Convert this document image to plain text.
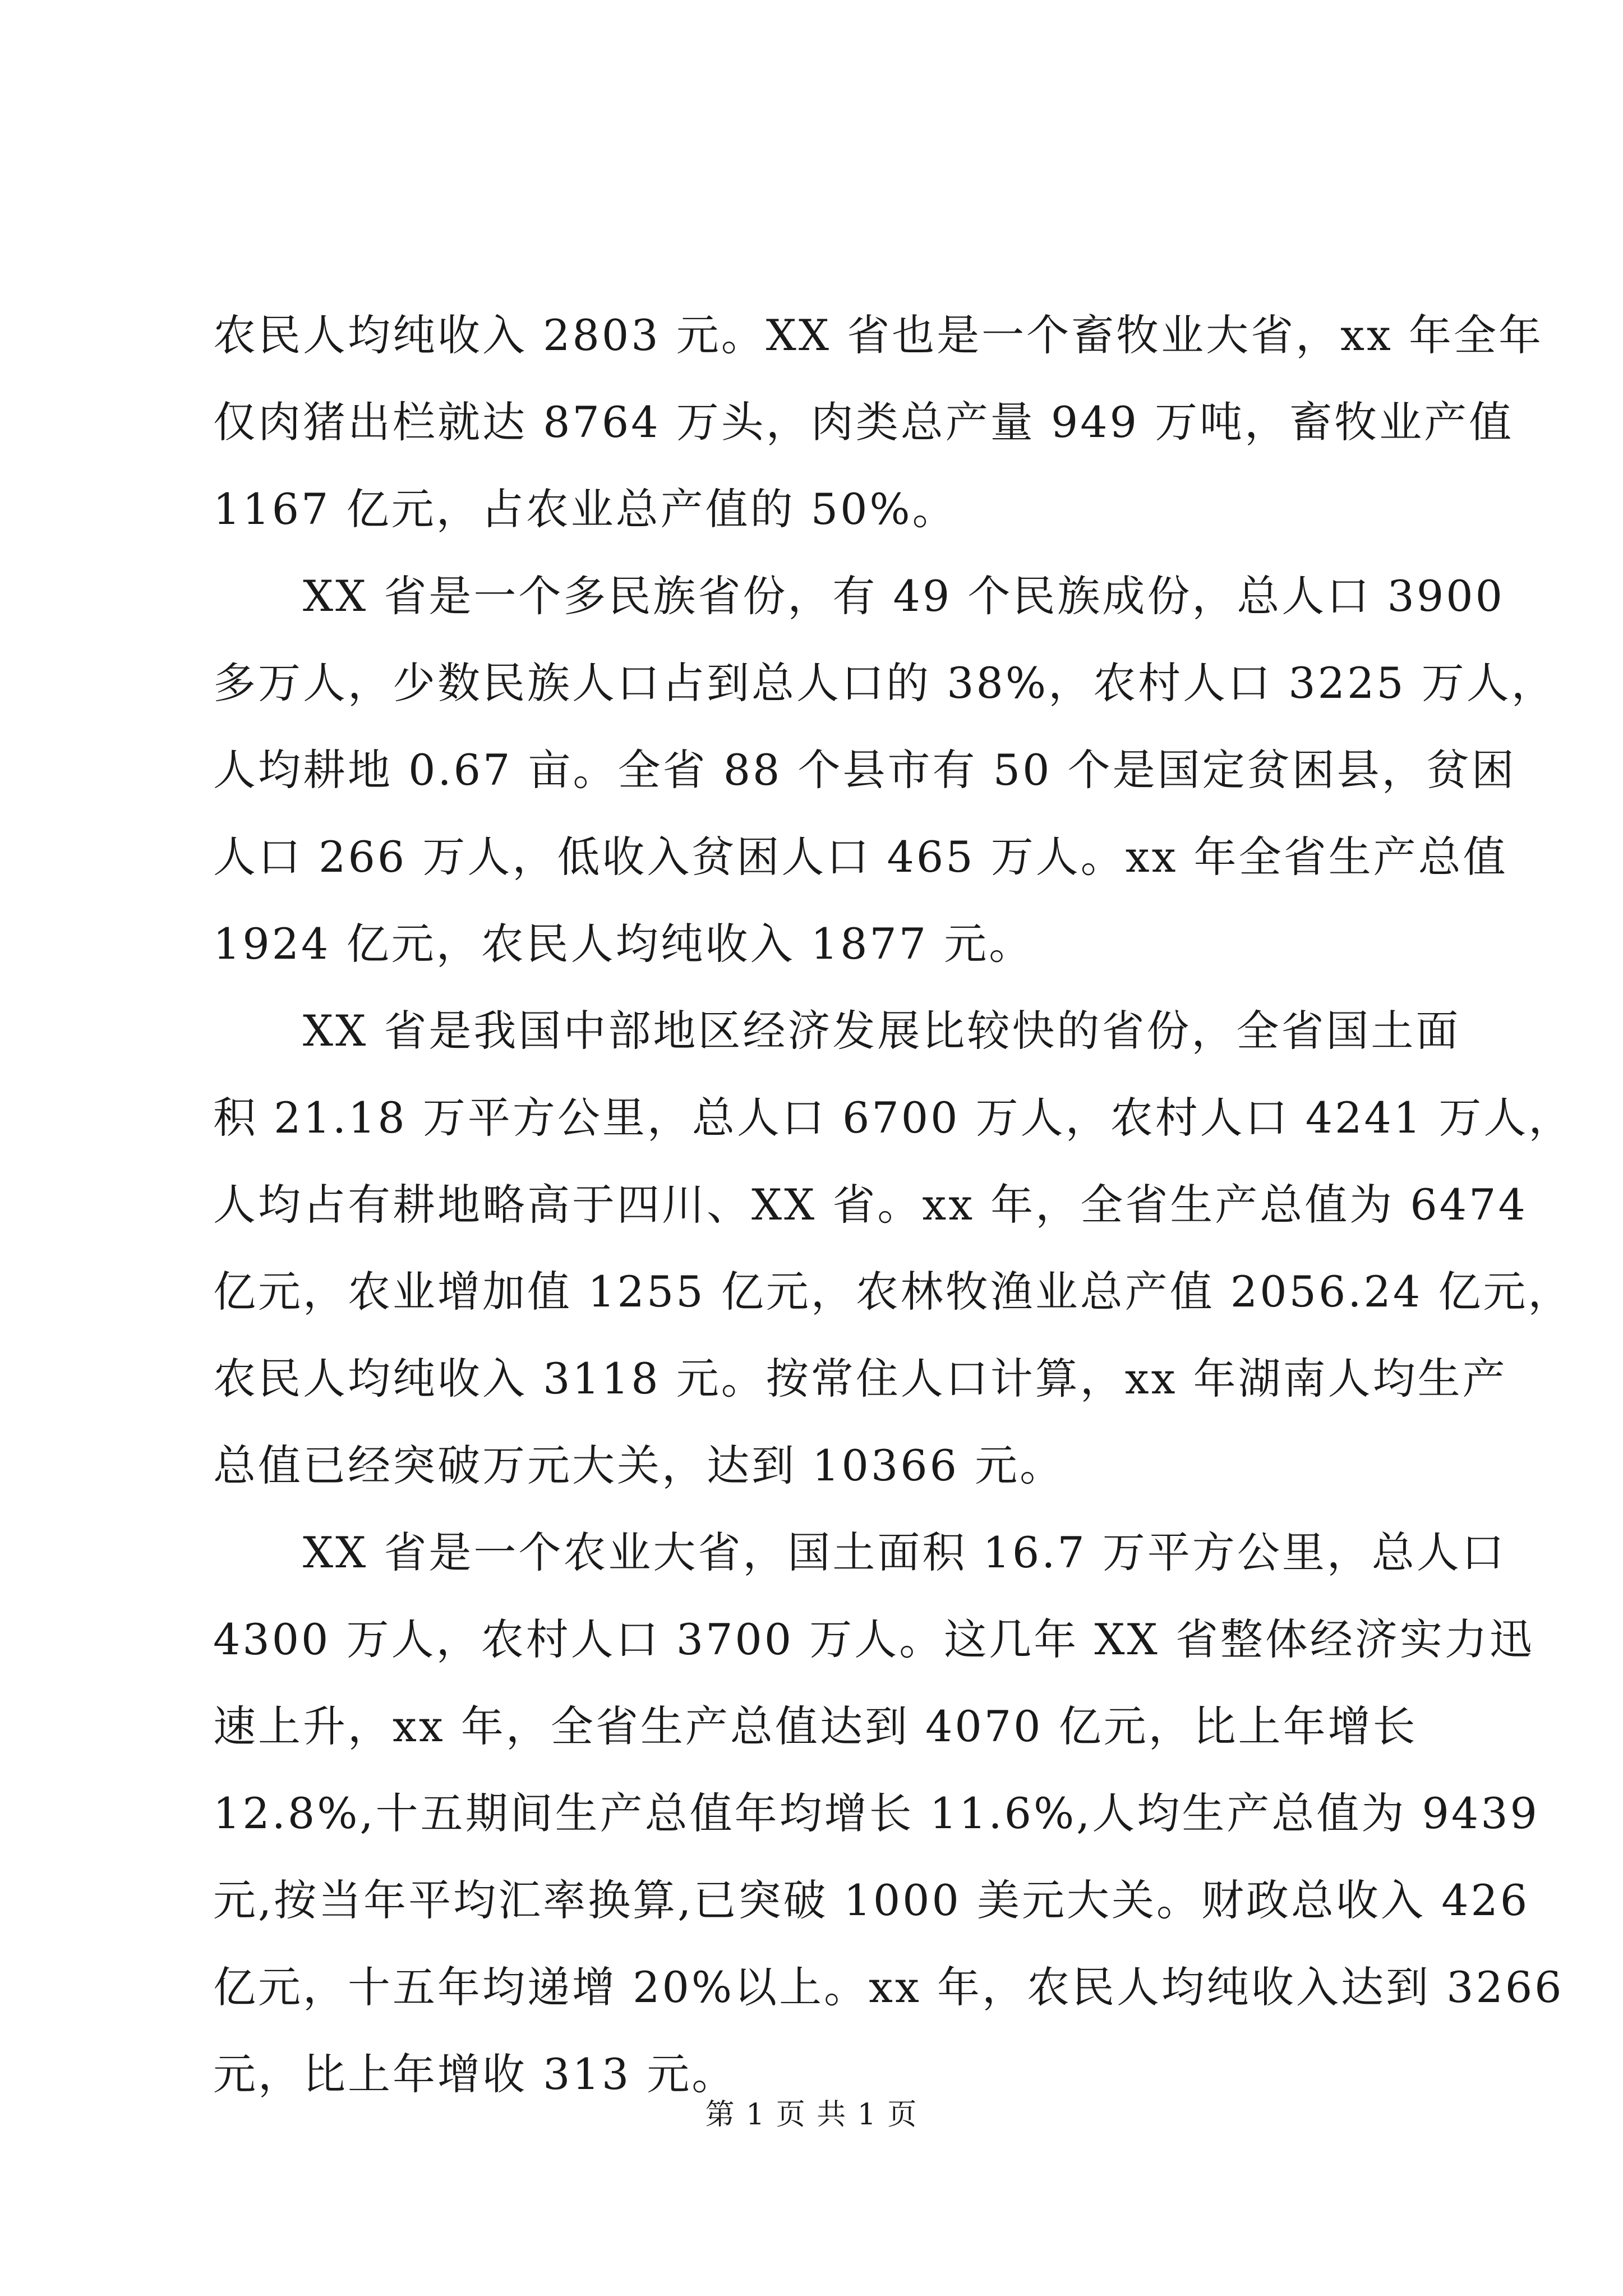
农民人均纯收入 2803 元。XX 省也是一个畜牧业大省，xx 年全年
仅肉猪出栏就达 8764 万头，肉类总产量 949 万吨，畜牧业产值
1167 亿元，占农业总产值的 50%。
　　XX 省是一个多民族省份，有 49 个民族成份，总人口 3900
多万人，少数民族人口占到总人口的 38%，农村人口 3225 万人，
人均耕地 0.67 亩。全省 88 个县市有 50 个是国定贫困县，贫困
人口 266 万人，低收入贫困人口 465 万人。xx 年全省生产总值
1924 亿元，农民人均纯收入 1877 元。
　　XX 省是我国中部地区经济发展比较快的省份，全省国土面
积 21.18 万平方公里，总人口 6700 万人，农村人口 4241 万人，
人均占有耕地略高于四川、XX 省。xx 年，全省生产总值为 6474
亿元，农业增加值 1255 亿元，农林牧渔业总产值 2056.24 亿元，
农民人均纯收入 3118 元。按常住人口计算，xx 年湖南人均生产
总值已经突破万元大关，达到 10366 元。
　　XX 省是一个农业大省，国土面积 16.7 万平方公里，总人口
4300 万人，农村人口 3700 万人。这几年 XX 省整体经济实力迅
速上升，xx 年，全省生产总值达到 4070 亿元，比上年增长
12.8%,十五期间生产总值年均增长 11.6%,人均生产总值为 9439
元,按当年平均汇率换算,已突破 1000 美元大关。财政总收入 426
亿元，十五年均递增 20%以上。xx 年，农民人均纯收入达到 3266
元，比上年增收 313 元。
第 1 页 共 1 页
